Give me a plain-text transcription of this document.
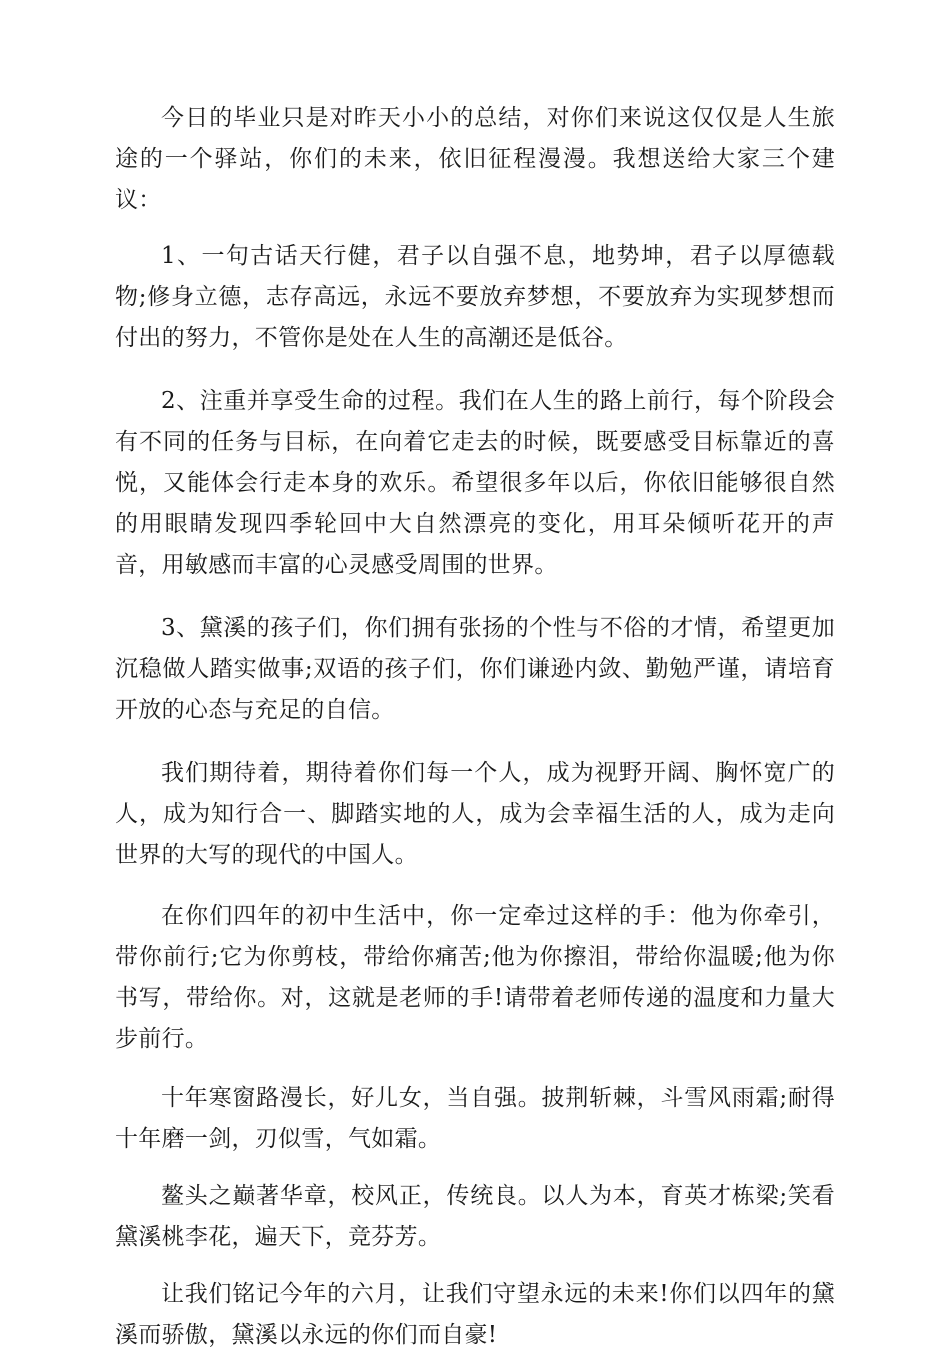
今日的毕业只是对昨天小小的总结，对你们来说这仅仅是人生旅途的一个驿站，你们的未来，依旧征程漫漫。我想送给大家三个建议：

1、一句古话天行健，君子以自强不息，地势坤，君子以厚德载物;修身立德，志存高远，永远不要放弃梦想，不要放弃为实现梦想而付出的努力，不管你是处在人生的高潮还是低谷。

2、注重并享受生命的过程。我们在人生的路上前行，每个阶段会有不同的任务与目标，在向着它走去的时候，既要感受目标靠近的喜悦，又能体会行走本身的欢乐。希望很多年以后，你依旧能够很自然的用眼睛发现四季轮回中大自然漂亮的变化，用耳朵倾听花开的声音，用敏感而丰富的心灵感受周围的世界。

3、黛溪的孩子们，你们拥有张扬的个性与不俗的才情，希望更加沉稳做人踏实做事;双语的孩子们，你们谦逊内敛、勤勉严谨，请培育开放的心态与充足的自信。

我们期待着，期待着你们每一个人，成为视野开阔、胸怀宽广的人，成为知行合一、脚踏实地的人，成为会幸福生活的人，成为走向世界的大写的现代的中国人。

在你们四年的初中生活中，你一定牵过这样的手：他为你牵引，带你前行;它为你剪枝，带给你痛苦;他为你擦泪，带给你温暖;他为你书写，带给你。对，这就是老师的手!请带着老师传递的温度和力量大步前行。

十年寒窗路漫长，好儿女，当自强。披荆斩棘，斗雪风雨霜;耐得十年磨一剑，刃似雪，气如霜。

鳌头之巅著华章，校风正，传统良。以人为本，育英才栋梁;笑看黛溪桃李花，遍天下，竞芬芳。

让我们铭记今年的六月，让我们守望永远的未来!你们以四年的黛溪而骄傲，黛溪以永远的你们而自豪!
